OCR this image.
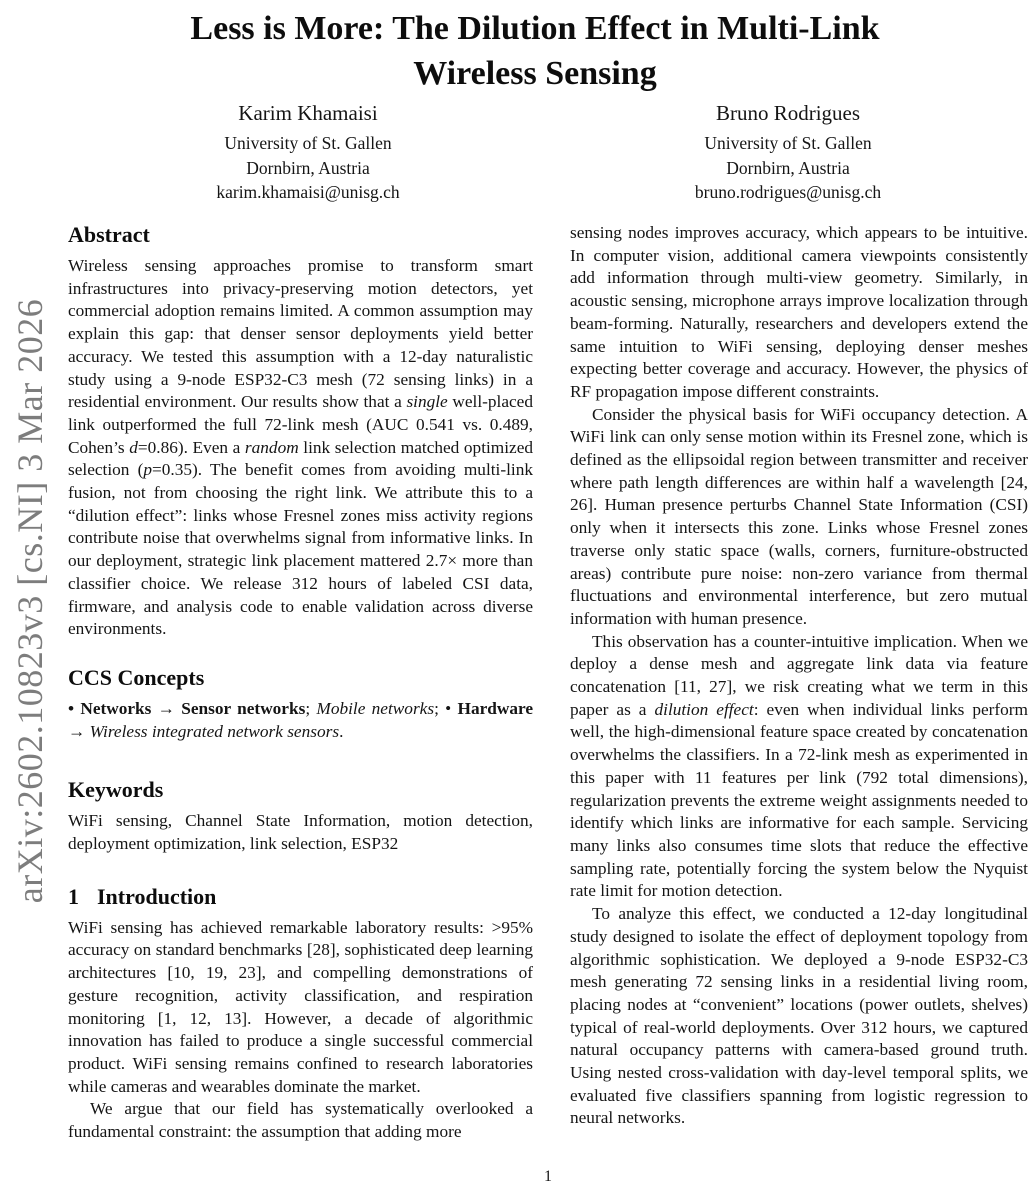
arXiv:2602.10823v3 [cs.NI] 3 Mar 2026
Less is More: The Dilution Effect in Multi-Link
Wireless Sensing
Karim Khamaisi
University of St. Gallen
Dornbirn, Austria
karim.khamaisi@unisg.ch
Bruno Rodrigues
University of St. Gallen
Dornbirn, Austria
bruno.rodrigues@unisg.ch
Abstract

Wireless sensing approaches promise to transform smart infrastructures into privacy-preserving motion detectors, yet commercial adoption remains limited. A common assumption may explain this gap: that denser sensor deployments yield better accuracy. We tested this assumption with a 12-day naturalistic study using a 9-node ESP32-C3 mesh (72 sensing links) in a residential environment. Our results show that a single well-placed link outperformed the full 72-link mesh (AUC 0.541 vs. 0.489, Cohen’s d=0.86). Even a random link selection matched optimized selection (p=0.35). The benefit comes from avoiding multi-link fusion, not from choosing the right link. We attribute this to a “dilution effect”: links whose Fresnel zones miss activity regions contribute noise that overwhelms signal from informative links. In our deployment, strategic link placement mattered 2.7× more than classifier choice. We release 312 hours of labeled CSI data, firmware, and analysis code to enable validation across diverse environments.

CCS Concepts

• Networks → Sensor networks; Mobile networks; • Hardware → Wireless integrated network sensors.

Keywords

WiFi sensing, Channel State Information, motion detection, deployment optimization, link selection, ESP32

1 Introduction

WiFi sensing has achieved remarkable laboratory results: >95% accuracy on standard benchmarks [28], sophisticated deep learning architectures [10, 19, 23], and compelling demonstrations of gesture recognition, activity classification, and respiration monitoring [1, 12, 13]. However, a decade of algorithmic innovation has failed to produce a single successful commercial product. WiFi sensing remains confined to research laboratories while cameras and wearables dominate the market.

We argue that our field has systematically overlooked a fundamental constraint: the assumption that adding more

sensing nodes improves accuracy, which appears to be intuitive. In computer vision, additional camera viewpoints consistently add information through multi-view geometry. Similarly, in acoustic sensing, microphone arrays improve localization through beam-forming. Naturally, researchers and developers extend the same intuition to WiFi sensing, deploying denser meshes expecting better coverage and accuracy. However, the physics of RF propagation impose different constraints.

Consider the physical basis for WiFi occupancy detection. A WiFi link can only sense motion within its Fresnel zone, which is defined as the ellipsoidal region between transmitter and receiver where path length differences are within half a wavelength [24, 26]. Human presence perturbs Channel State Information (CSI) only when it intersects this zone. Links whose Fresnel zones traverse only static space (walls, corners, furniture-obstructed areas) contribute pure noise: non-zero variance from thermal fluctuations and environmental interference, but zero mutual information with human presence.

This observation has a counter-intuitive implication. When we deploy a dense mesh and aggregate link data via feature concatenation [11, 27], we risk creating what we term in this paper as a dilution effect: even when individual links perform well, the high-dimensional feature space created by concatenation overwhelms the classifiers. In a 72-link mesh as experimented in this paper with 11 features per link (792 total dimensions), regularization prevents the extreme weight assignments needed to identify which links are informative for each sample. Servicing many links also consumes time slots that reduce the effective sampling rate, potentially forcing the system below the Nyquist rate limit for motion detection.

To analyze this effect, we conducted a 12-day longitudinal study designed to isolate the effect of deployment topology from algorithmic sophistication. We deployed a 9-node ESP32-C3 mesh generating 72 sensing links in a residential living room, placing nodes at “convenient” locations (power outlets, shelves) typical of real-world deployments. Over 312 hours, we captured natural occupancy patterns with camera-based ground truth. Using nested cross-validation with day-level temporal splits, we evaluated five classifiers spanning from logistic regression to neural networks.

1
